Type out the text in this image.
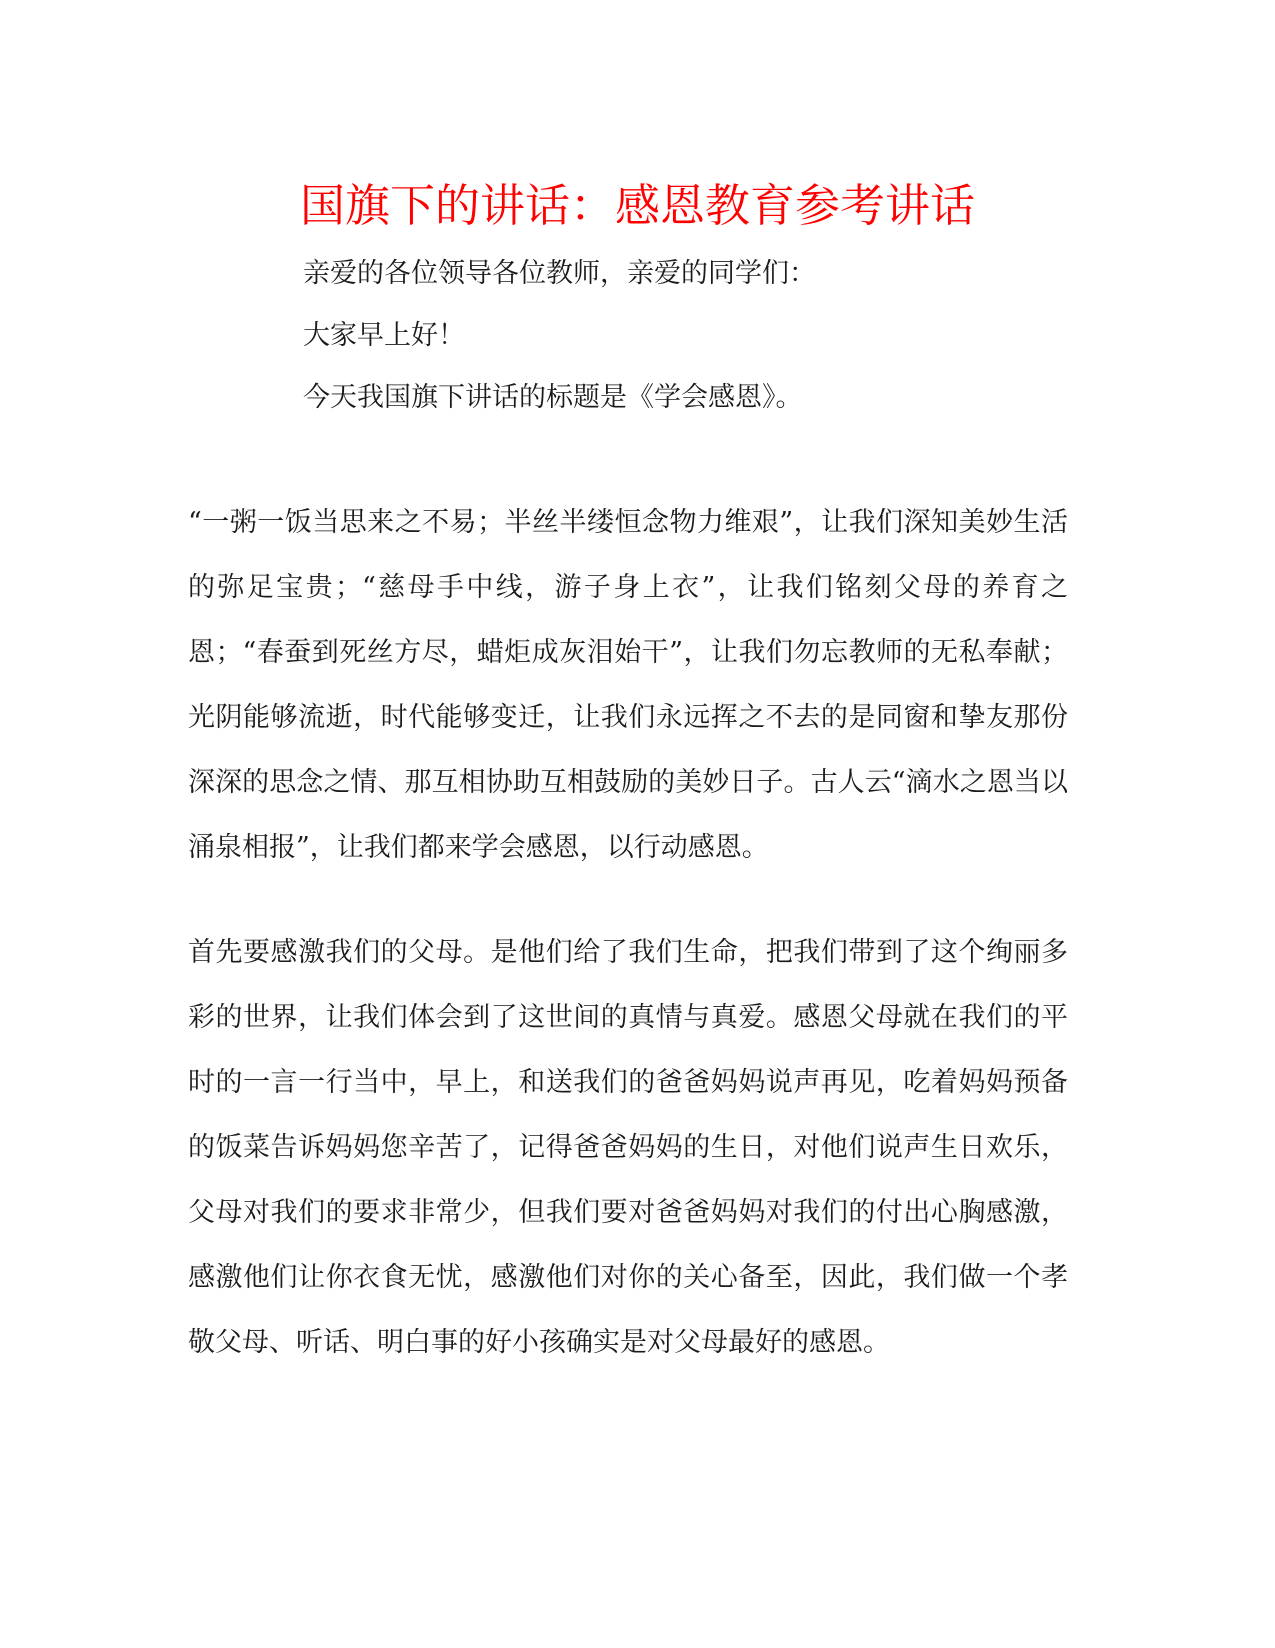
国旗下的讲话：感恩教育参考讲话

亲爱的各位领导各位教师，亲爱的同学们：

大家早上好！

今天我国旗下讲话的标题是《学会感恩》。

“一粥一饭当思来之不易；半丝半缕恒念物力维艰”，让我们深知美妙生活的弥足宝贵；“慈母手中线，游子身上衣”，让我们铭刻父母的养育之恩；“春蚕到死丝方尽，蜡炬成灰泪始干”，让我们勿忘教师的无私奉献；光阴能够流逝，时代能够变迁，让我们永远挥之不去的是同窗和挚友那份深深的思念之情、那互相协助互相鼓励的美妙日子。古人云“滴水之恩当以涌泉相报”，让我们都来学会感恩，以行动感恩。

首先要感激我们的父母。是他们给了我们生命，把我们带到了这个绚丽多彩的世界，让我们体会到了这世间的真情与真爱。感恩父母就在我们的平时的一言一行当中，早上，和送我们的爸爸妈妈说声再见，吃着妈妈预备的饭菜告诉妈妈您辛苦了，记得爸爸妈妈的生日，对他们说声生日欢乐，父母对我们的要求非常少，但我们要对爸爸妈妈对我们的付出心胸感激，感激他们让你衣食无忧，感激他们对你的关心备至，因此，我们做一个孝敬父母、听话、明白事的好小孩确实是对父母最好的感恩。
